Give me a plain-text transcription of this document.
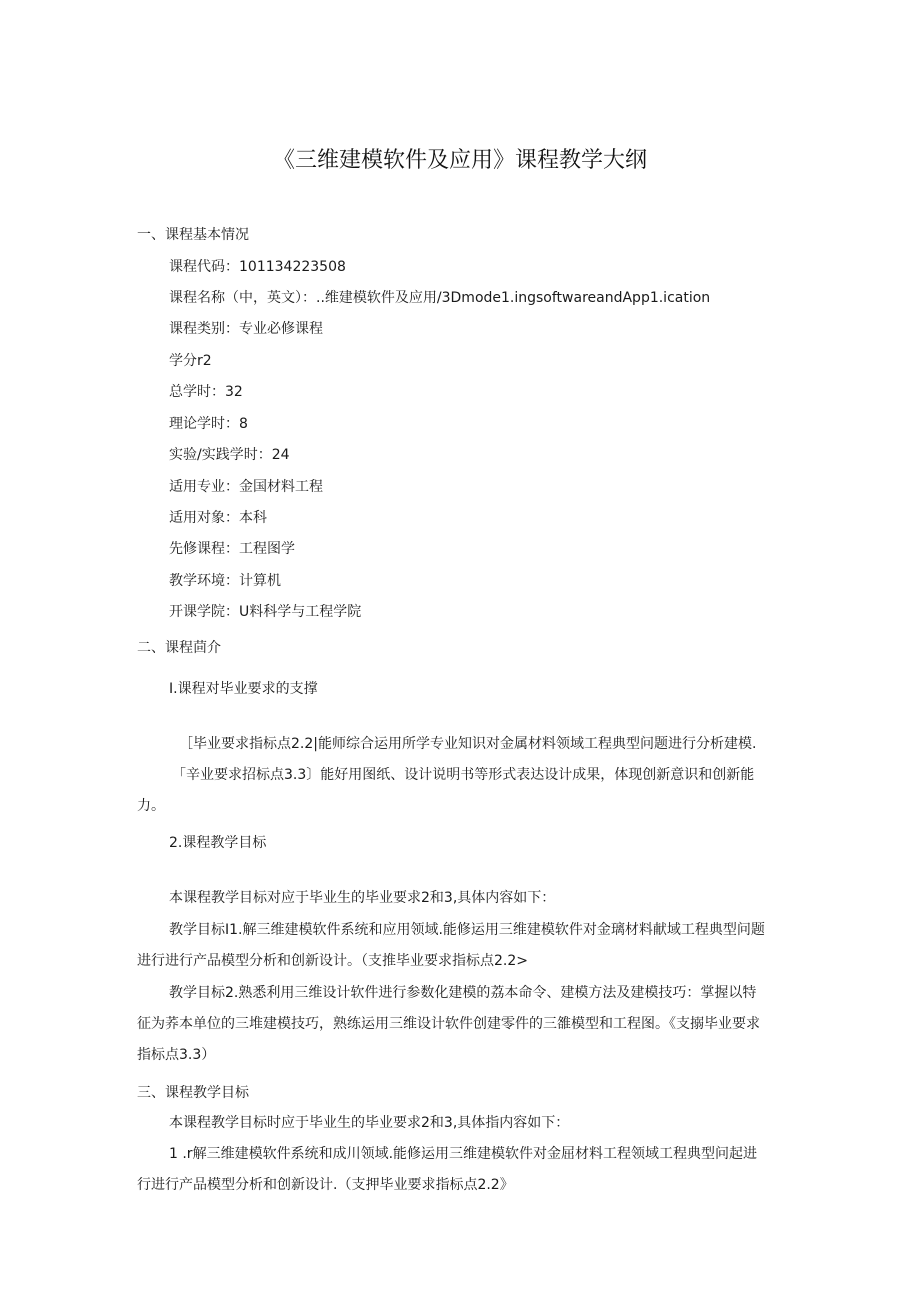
《三维建模软件及应用》课程教学大纲
一、课程基本情况
课程代码：101134223508
课程名称（中，英文）：..维建模软件及应用/3Dmode1.ingsoftwareandApp1.ication
课程类别：专业必修课程
学分r2
总学时：32
理论学时：8
实验/实践学时：24
适用专业：金国材料工程
适用对象：本科
先修课程：工程图学
教学环境：计算机
开课学院：U料科学与工程学院
二、课程茴介
I.课程对毕业要求的支撑
［毕业要求指标点2.2|能师综合运用所学专业知识对金属材料领域工程典型问题进行分析建模.
「辛业要求招标点3.3〕能好用图纸、设计说明书等形式表达设计成果，体现创新意识和创新能
力。
2.课程教学目标
本课程教学目标对应于毕业生的毕业要求2和3,具体内容如下：
教学目标I1.解三维建模软件系统和应用领域.能修运用三维建模软件对金璃材料献域工程典型问题
进行进行产品模型分析和创新设计。（支推毕业要求指标点2.2>
教学目标2.熟悉利用三维设计软件进行参数化建模的荔本命令、建模方法及建模技巧：掌握以特
征为荞本单位的三堆建模技巧，熟练运用三维设计软件创建零件的三雒模型和工程图。《支搦毕业要求
指标点3.3）
三、课程教学目标
本课程教学目标时应于毕业生的毕业要求2和3,具体指内容如下：
1 .r解三维建模软件系统和成川领域.能修运用三维建模软件对金屈材料工程领域工程典型问起进
行进行产品模型分析和创新设计.（支押毕业要求指标点2.2》
